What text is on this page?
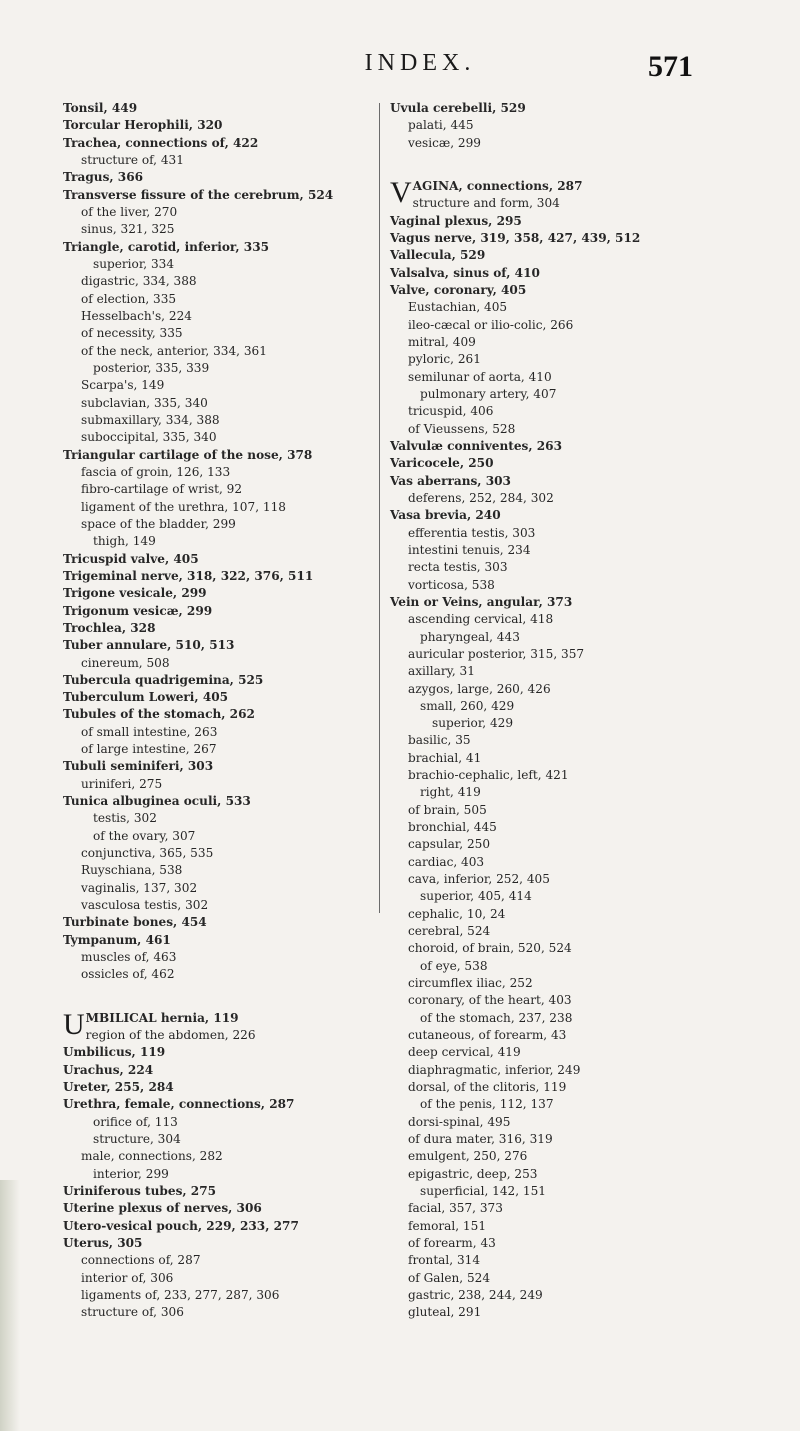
INDEX.	571
Tonsil, 449
Torcular Herophili, 320
Trachea, connections of, 422
structure of, 431
Tragus, 366
Transverse fissure of the cerebrum, 524
of the liver, 270
sinus, 321, 325
Triangle, carotid, inferior, 335
superior, 334
digastric, 334, 388
of election, 335
Hesselbach's, 224
of necessity, 335
of the neck, anterior, 334, 361
posterior, 335, 339
Scarpa's, 149
subclavian, 335, 340
submaxillary, 334, 388
suboccipital, 335, 340
Triangular cartilage of the nose, 378
fascia of groin, 126, 133
fibro-cartilage of wrist, 92
ligament of the urethra, 107, 118
space of the bladder, 299
thigh, 149
Tricuspid valve, 405
Trigeminal nerve, 318, 322, 376, 511
Trigone vesicale, 299
Trigonum vesicæ, 299
Trochlea, 328
Tuber annulare, 510, 513
cinereum, 508
Tubercula quadrigemina, 525
Tuberculum Loweri, 405
Tubules of the stomach, 262
of small intestine, 263
of large intestine, 267
Tubuli seminiferi, 303
uriniferi, 275
Tunica albuginea oculi, 533
testis, 302
of the ovary, 307
conjunctiva, 365, 535
Ruyschiana, 538
vaginalis, 137, 302
vasculosa testis, 302
Turbinate bones, 454
Tympanum, 461
muscles of, 463
ossicles of, 462
UMBILICAL hernia, 119
region of the abdomen, 226
Umbilicus, 119
Urachus, 224
Ureter, 255, 284
Urethra, female, connections, 287
orifice of, 113
structure, 304
male, connections, 282
interior, 299
Uriniferous tubes, 275
Uterine plexus of nerves, 306
Utero-vesical pouch, 229, 233, 277
Uterus, 305
connections of, 287
interior of, 306
ligaments of, 233, 277, 287, 306
structure of, 306
Uvula cerebelli, 529
palati, 445
vesicæ, 299
VAGINA, connections, 287
structure and form, 304
Vaginal plexus, 295
Vagus nerve, 319, 358, 427, 439, 512
Vallecula, 529
Valsalva, sinus of, 410
Valve, coronary, 405
Eustachian, 405
ileo-cæcal or ilio-colic, 266
mitral, 409
pyloric, 261
semilunar of aorta, 410
pulmonary artery, 407
tricuspid, 406
of Vieussens, 528
Valvulæ conniventes, 263
Varicocele, 250
Vas aberrans, 303
deferens, 252, 284, 302
Vasa brevia, 240
efferentia testis, 303
intestini tenuis, 234
recta testis, 303
vorticosa, 538
Vein or Veins, angular, 373
ascending cervical, 418
pharyngeal, 443
auricular posterior, 315, 357
axillary, 31
azygos, large, 260, 426
small, 260, 429
superior, 429
basilic, 35
brachial, 41
brachio-cephalic, left, 421
right, 419
of brain, 505
bronchial, 445
capsular, 250
cardiac, 403
cava, inferior, 252, 405
superior, 405, 414
cephalic, 10, 24
cerebral, 524
choroid, of brain, 520, 524
of eye, 538
circumflex iliac, 252
coronary, of the heart, 403
of the stomach, 237, 238
cutaneous, of forearm, 43
deep cervical, 419
diaphragmatic, inferior, 249
dorsal, of the clitoris, 119
of the penis, 112, 137
dorsi-spinal, 495
of dura mater, 316, 319
emulgent, 250, 276
epigastric, deep, 253
superficial, 142, 151
facial, 357, 373
femoral, 151
of forearm, 43
frontal, 314
of Galen, 524
gastric, 238, 244, 249
gluteal, 291
